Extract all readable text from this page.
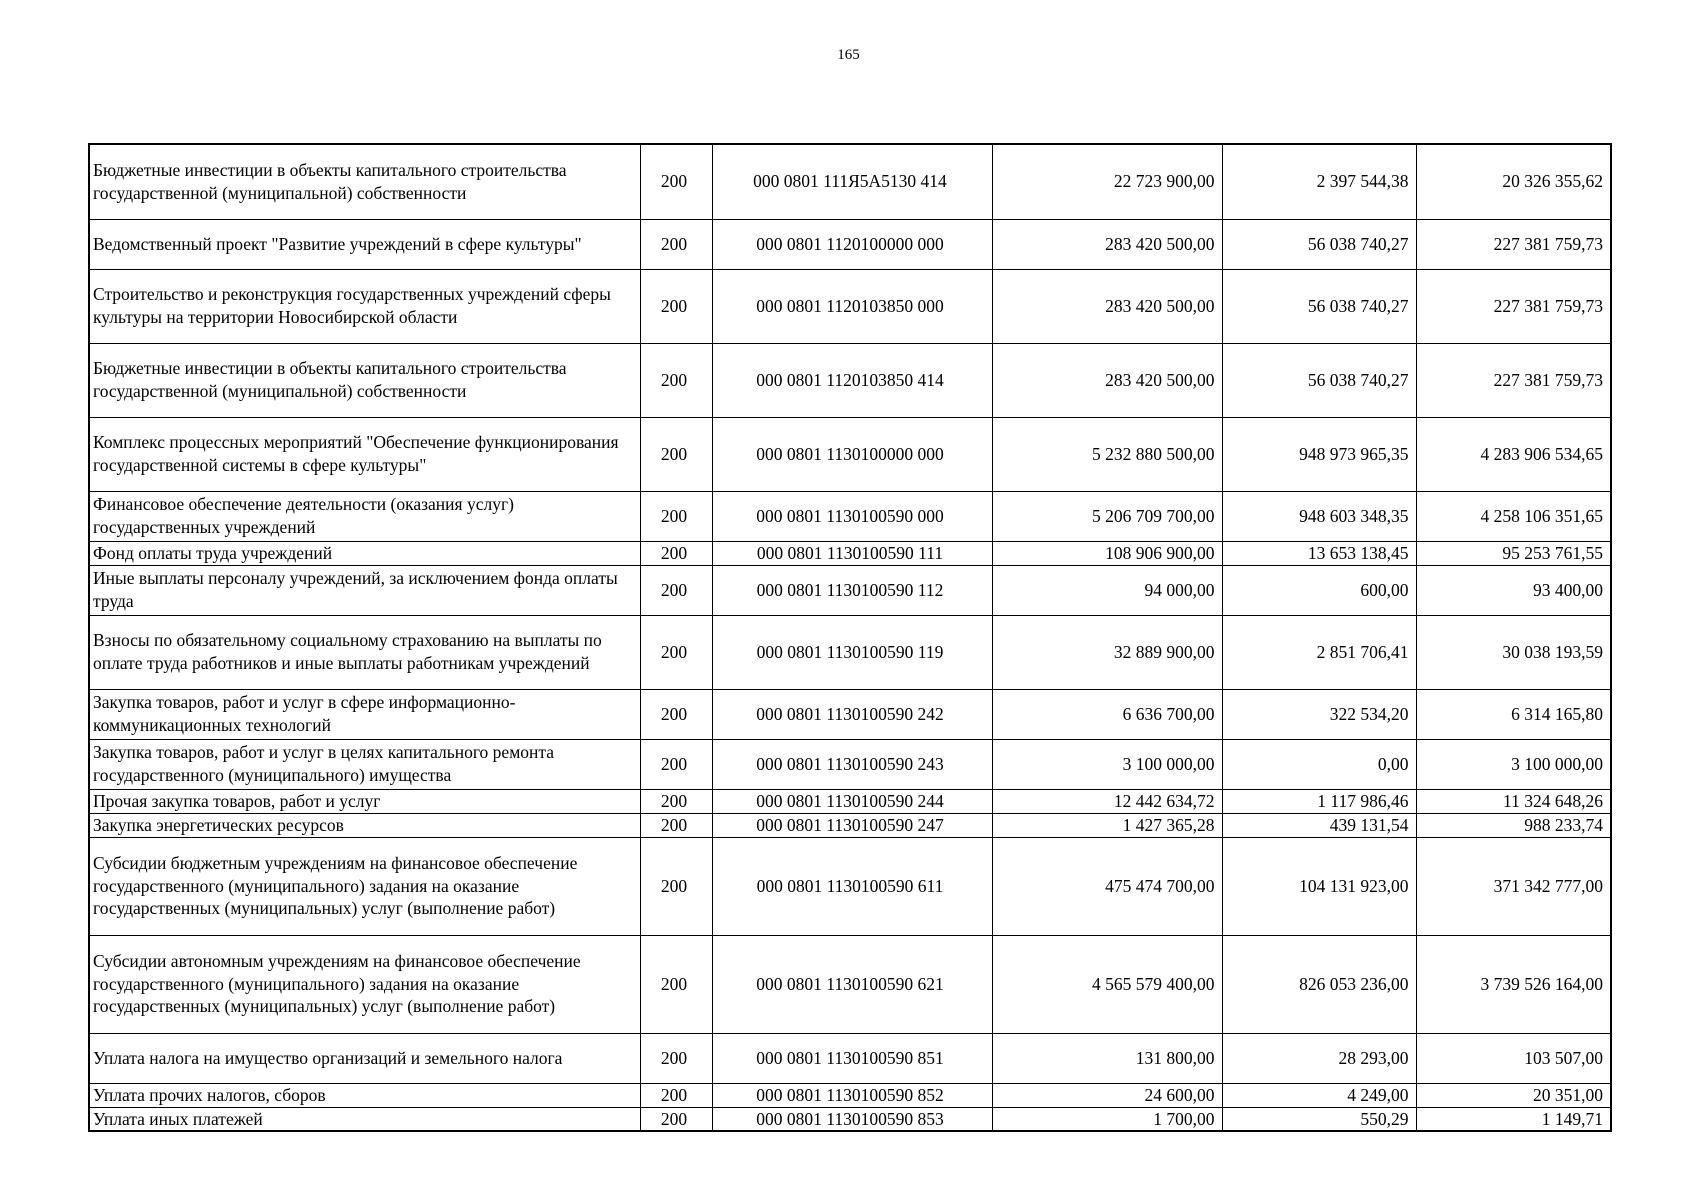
165
Бюджетные инвестиции в объекты капитального строительства государственной (муниципальной) собственности	200	000 0801 111Я5А5130 414	22 723 900,00	2 397 544,38	20 326 355,62
Ведомственный проект "Развитие учреждений в сфере культуры"	200	000 0801 1120100000 000	283 420 500,00	56 038 740,27	227 381 759,73
Строительство и реконструкция государственных учреждений сферы культуры на территории Новосибирской области	200	000 0801 1120103850 000	283 420 500,00	56 038 740,27	227 381 759,73
Бюджетные инвестиции в объекты капитального строительства государственной (муниципальной) собственности	200	000 0801 1120103850 414	283 420 500,00	56 038 740,27	227 381 759,73
Комплекс процессных мероприятий "Обеспечение функционирования государственной системы в сфере культуры"	200	000 0801 1130100000 000	5 232 880 500,00	948 973 965,35	4 283 906 534,65
Финансовое обеспечение деятельности (оказания услуг) государственных учреждений	200	000 0801 1130100590 000	5 206 709 700,00	948 603 348,35	4 258 106 351,65
Фонд оплаты труда учреждений	200	000 0801 1130100590 111	108 906 900,00	13 653 138,45	95 253 761,55
Иные выплаты персоналу учреждений, за исключением фонда оплаты труда	200	000 0801 1130100590 112	94 000,00	600,00	93 400,00
Взносы по обязательному социальному страхованию на выплаты по оплате труда работников и иные выплаты работникам учреждений	200	000 0801 1130100590 119	32 889 900,00	2 851 706,41	30 038 193,59
Закупка товаров, работ и услуг в сфере информационно-коммуникационных технологий	200	000 0801 1130100590 242	6 636 700,00	322 534,20	6 314 165,80
Закупка товаров, работ и услуг в целях капитального ремонта государственного (муниципального) имущества	200	000 0801 1130100590 243	3 100 000,00	0,00	3 100 000,00
Прочая закупка товаров, работ и услуг	200	000 0801 1130100590 244	12 442 634,72	1 117 986,46	11 324 648,26
Закупка энергетических ресурсов	200	000 0801 1130100590 247	1 427 365,28	439 131,54	988 233,74
Субсидии бюджетным учреждениям на финансовое обеспечение государственного (муниципального) задания на оказание государственных (муниципальных) услуг (выполнение работ)	200	000 0801 1130100590 611	475 474 700,00	104 131 923,00	371 342 777,00
Субсидии автономным учреждениям на финансовое обеспечение государственного (муниципального) задания на оказание государственных (муниципальных) услуг (выполнение работ)	200	000 0801 1130100590 621	4 565 579 400,00	826 053 236,00	3 739 526 164,00
Уплата налога на имущество организаций и земельного налога	200	000 0801 1130100590 851	131 800,00	28 293,00	103 507,00
Уплата прочих налогов, сборов	200	000 0801 1130100590 852	24 600,00	4 249,00	20 351,00
Уплата иных платежей	200	000 0801 1130100590 853	1 700,00	550,29	1 149,71
